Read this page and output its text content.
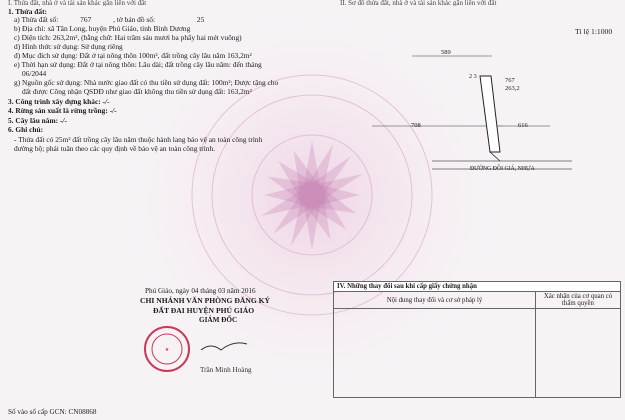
I. Thửa đất, nhà ở và tài sản khác gắn liền với đất	II. Sơ đồ thửa đất, nhà ở và tài sản khác gắn liền với đất
1. Thửa đất:
a) Thửa đất số:	767	, tờ bản đồ số:	25
b) Địa chỉ: xã Tân Long, huyện Phú Giáo, tỉnh Bình Dương
c) Diện tích: 263,2m², (bằng chữ: Hai trăm sáu mươi ba phẩy hai mét vuông)
d) Hình thức sử dụng: Sử dụng riêng
đ) Mục đích sử dụng: Đất ở tại nông thôn 100m², đất trồng cây lâu năm 163,2m²
e) Thời hạn sử dụng: Đất ở tại nông thôn: Lâu dài; đất trồng cây lâu năm: đến tháng
06/2044
g) Nguồn gốc sử dụng: Nhà nước giao đất có thu tiền sử dụng đất: 100m²; Được tặng cho
đất được Công nhận QSDĐ như giao đất không thu tiền sử dụng đất: 163,2m²
3. Công trình xây dựng khác: -/-
4. Rừng sản xuất là rừng trồng: -/-
5. Cây lâu năm: -/-
6. Ghi chú:
- Thửa đất có 25m² đất trồng cây lâu năm thuộc hành lang bảo vệ an toàn công trình
đường bộ; phải tuân theo các quy định về bảo vệ an toàn công trình.
Tỉ lệ 1:1000
589
767
263,2
2 3
708	616
ĐƯỜNG ĐỒI GIÁ, NHỰA
Phú Giáo, ngày 04 tháng 03 năm 2016
CHI NHÁNH VĂN PHÒNG ĐĂNG KÝ
ĐẤT ĐAI HUYỆN PHÚ GIÁO
GIÁM ĐỐC
★
Trần Minh Hoàng
Số vào sổ cấp GCN: CN08868
IV. Những thay đổi sau khi cấp giấy chứng nhận	
Nội dung thay đổi và cơ sở pháp lý	Xác nhận của cơ quan có thẩm quyền
